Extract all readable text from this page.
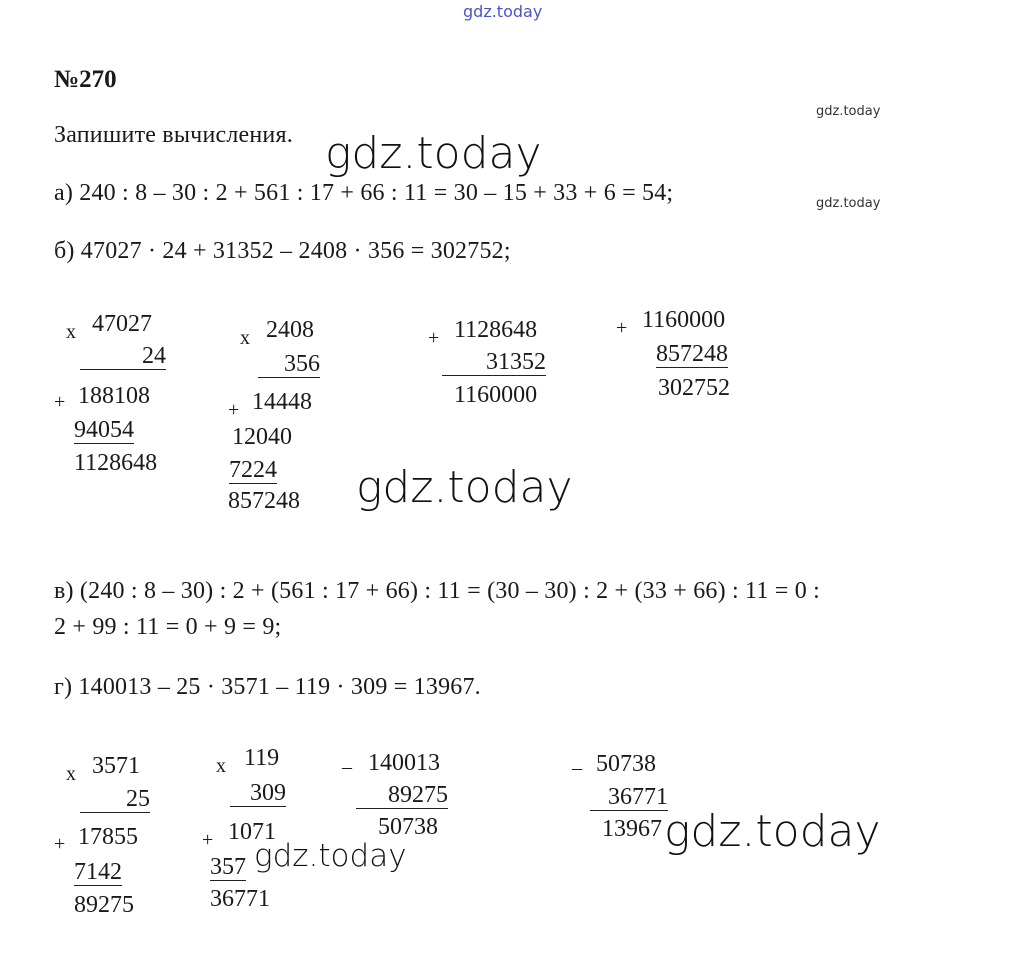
gdz.today
№270
gdz.today
Запишите вычисления. gdz.today
а) 240 : 8 – 30 : 2 + 561 : 17 + 66 : 11 = 30 – 15 + 33 + 6 = 54;	gdz.today
б) 47027 · 24 + 31352 – 2408 · 356 = 302752;
x 47027
24
+ 188108
94054
1128648
x 2408
356
+ 14448
12040
7224
857248
+ 1128648
31352
1160000
+ 1160000
857248
302752
gdz.today
в) (240 : 8 – 30) : 2 + (561 : 17 + 66) : 11 = (30 – 30) : 2 + (33 + 66) : 11 = 0 :
2 + 99 : 11 = 0 + 9 = 9;
г) 140013 – 25 · 3571 – 119 · 309 = 13967.
x 3571
25
+ 17855
7142
89275
x 119
309
+ 1071
357
36771
– 140013
89275
50738
– 50738
36771
13967
gdz.today	gdz.today
